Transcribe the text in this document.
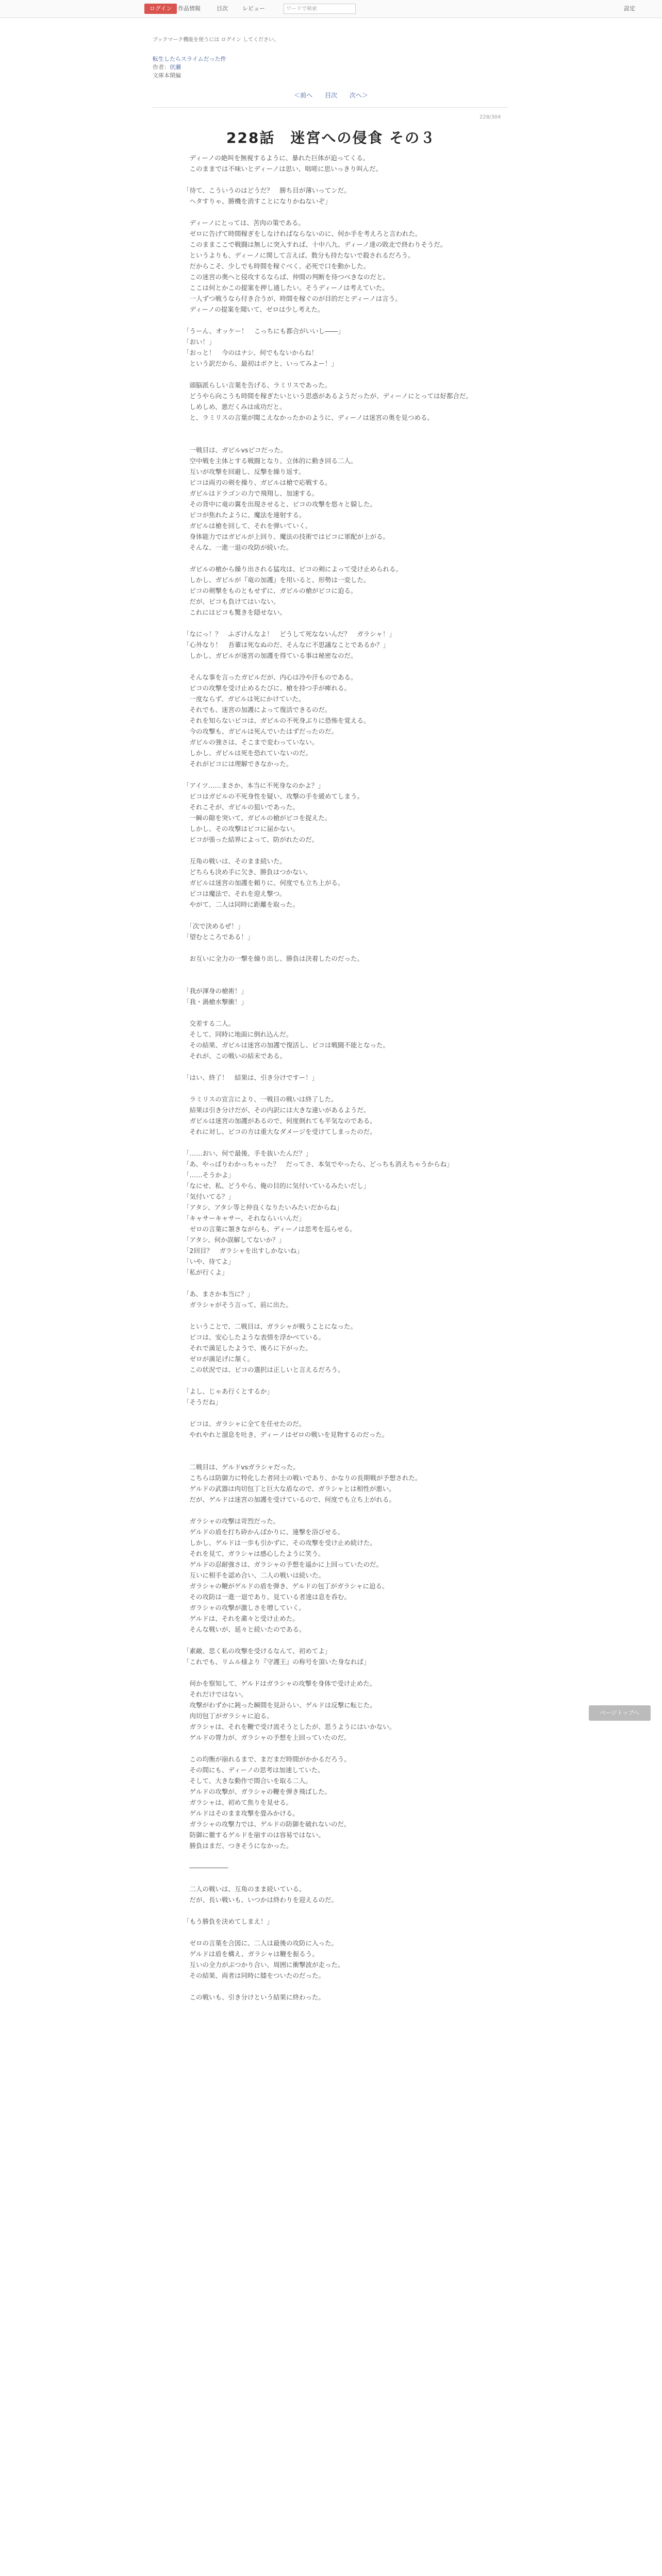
ログイン	作品情報	目次	レビュー	ワードで検索	設定
ブックマーク機能を使うには ログイン してください。
転生したらスライムだった件
作者：伏瀬
文庫本閑編
＜前へ 目次 次へ＞
228/304
228話　迷宮への侵食 その３

　ディーノの絶叫を無視するように、暴れた巨体が迫ってくる。

　このままでは不味いとディーノは思い、咄嗟に思いっきり叫んだ。

「待て、こういうのはどうだ？　勝ち目が薄いってンだ。

　ヘタすりゃ、勝機を消すことになりかねないぞ」

　ディーノにとっては、苦肉の策である。

　ゼロに告げて時間稼ぎをしなければならないのに、何か手を考えろと言われた。

　このままここで戦闘は無しに突入すれば、十中八九、ディーノ達の敗北で終わりそうだ。

　というよりも、ディーノに関して言えば、数分も持たないで殺されるだろう。

　だからこそ、少しでも時間を稼ぐべく、必死で口を動かした。

　この迷宮の奥へと侵攻するならば、仲間の判断を待つべきなのだと。

　ここは何とかこの提案を押し通したい。そうディーノは考えていた。

　一人ずつ戦うなら付き合うが、時間を稼ぐのが目的だとディーノは言う。

　ディーノの提案を聞いて、ゼロは少し考えた。

「うーん、オッケー！　こっちにも都合がいいし――」

「おい！」

「おっと！　今のはナシ、何でもないからね！

　という訳だから、最初はボクと、いってみよー！」

　頭脳派らしい言葉を告げる、ラミリスであった。

　どうやら向こうも時間を稼ぎたいという思惑があるようだったが、ディーノにとっては好都合だ。

　しめしめ、悪だくみは成功だと。

　と、ラミリスの言葉が聞こえなかったかのように、ディーノは迷宮の奥を見つめる。

　一戦目は、ガビルvsピコだった。

　空中戦を主体とする戦闘となり、立体的に動き回る二人。

　互いが攻撃を回避し、反撃を繰り返す。

　ピコは両刃の剣を操り、ガビルは槍で応戦する。

　ガビルはドラゴンの力で飛翔し、加速する。

　その背中に竜の翼を出現させると、ピコの攻撃を悠々と躱した。

　ピコが焦れたように、魔法を連射する。

　ガビルは槍を回して、それを弾いていく。

　身体能力ではガビルが上回り、魔法の技術ではピコに軍配が上がる。

　そんな、一進一退の攻防が続いた。

　ガビルの槍から繰り出される猛攻は、ピコの剣によって受け止められる。

　しかし、ガビルが『竜の加護』を用いると、形勢は一変した。

　ピコの剣撃をものともせずに、ガビルの槍がピコに迫る。

　だが、ピコも負けてはいない。

　これにはピコも驚きを隠せない。

「なにっ！？　ふざけんなよ！　どうして死なないんだ？　ガラシャ！」

「心外なり！　吾輩は死なぬのだ、そんなに不思議なことであるか？」

　しかし、ガビルが迷宮の加護を得ている事は秘密なのだ。

　そんな事を言ったガビルだが、内心は冷や汗ものである。

　ピコの攻撃を受け止めるたびに、槍を持つ手が痺れる。

　一度ならず、ガビルは死にかけていた。

　それでも、迷宮の加護によって復活できるのだ。

　それを知らないピコは、ガビルの不死身ぶりに恐怖を覚える。

　今の攻撃も、ガビルは死んでいたはずだったのだ。

　ガビルの強さは、そこまで変わっていない。

　しかし、ガビルは死を恐れていないのだ。

　それがピコには理解できなかった。

「アイツ……まさか、本当に不死身なのかよ？」

　ピコはガビルの不死身性を疑い、攻撃の手を緩めてしまう。

　それこそが、ガビルの狙いであった。

　一瞬の隙を突いて、ガビルの槍がピコを捉えた。

　しかし、その攻撃はピコに届かない。

　ピコが張った結界によって、防がれたのだ。

　互角の戦いは、そのまま続いた。

　どちらも決め手に欠き、勝負はつかない。

　ガビルは迷宮の加護を頼りに、何度でも立ち上がる。

　ピコは魔法で、それを迎え撃つ。

　やがて、二人は同時に距離を取った。

　「次で決めるぜ！」

「望むところである！」

　お互いに全力の一撃を繰り出し、勝負は決着したのだった。

「我が渾身の槍術！」

「我・渦槍水撃衝！」

　交差する二人。

　そして、同時に地面に倒れ込んだ。

　その結果、ガビルは迷宮の加護で復活し、ピコは戦闘不能となった。

　それが、この戦いの結末である。

「はい、終了！　結果は、引き分けですー！」

　ラミリスの宣言により、一戦目の戦いは終了した。

　結果は引き分けだが、その内訳には大きな違いがあるようだ。

　ガビルは迷宮の加護があるので、何度倒れても平気なのである。

　それに対し、ピコの方は重大なダメージを受けてしまったのだ。

「……おい、何で最後、手を抜いたんだ？」

「あ、やっぱりわかっちゃった？　だってさ、本気でやったら、どっちも消えちゃうからね」

「……そうかよ」

「なにせ、私、どうやら、俺の目的に気付いているみたいだし」

「気付いてる？」

「アタシ、アタシ等と仲良くなりたいみたいだからね」

「キャサーキャサー、それならいいんだ」

　ゼロの言葉に頷きながらも、ディーノは思考を巡らせる。

「アタシ、何か誤解してないか？」

「2回目？　ガラシャを出すしかないね」

「いや、待てよ」

「私が行くよ」

「あ、まさか本当に？」

　ガラシャがそう言って、前に出た。

　ということで、二戦目は、ガラシャが戦うことになった。

　ピコは、安心したような表情を浮かべている。

　それで満足したようで、後ろに下がった。

　ゼロが満足げに頷く。

　この状況では、ピコの選択は正しいと言えるだろう。

「よし、じゃあ行くとするか」

「そうだね」

　ピコは、ガラシャに全てを任せたのだ。

　やれやれと溜息を吐き、ディーノはゼロの戦いを見物するのだった。

　二戦目は、ゲルドvsガラシャだった。

　こちらは防御力に特化した者同士の戦いであり、かなりの長期戦が予想された。

　ゲルドの武器は肉切包丁と巨大な盾なので、ガラシャとは相性が悪い。

　だが、ゲルドは迷宮の加護を受けているので、何度でも立ち上がれる。

　ガラシャの攻撃は苛烈だった。

　ゲルドの盾を打ち砕かんばかりに、連撃を浴びせる。

　しかし、ゲルドは一歩も引かずに、その攻撃を受け止め続けた。

　それを見て、ガラシャは感心したように笑う。

　ゲルドの忍耐強さは、ガラシャの予想を遥かに上回っていたのだ。

　互いに相手を認め合い、二人の戦いは続いた。

　ガラシャの鞭がゲルドの盾を弾き、ゲルドの包丁がガラシャに迫る。

　その攻防は一進一退であり、見ている者達は息を呑む。

　ガラシャの攻撃が激しさを増していく。

　ゲルドは、それを粛々と受け止めた。

　そんな戦いが、延々と続いたのである。

「素敵、思く私の攻撃を受けるなんて、初めてよ」

「これでも、リムル様より『守護王』の称号を頂いた身なれば」

　何かを察知して、ゲルドはガラシャの攻撃を身体で受け止めた。

　それだけではない。

　攻撃がわずかに鈍った瞬間を見計らい、ゲルドは反撃に転じた。

　肉切包丁がガラシャに迫る。

　ガラシャは、それを鞭で受け流そうとしたが、思うようにはいかない。

　ゲルドの膂力が、ガラシャの予想を上回っていたのだ。

　この均衡が崩れるまで、まだまだ時間がかかるだろう。

　その間にも、ディーノの思考は加速していた。

　そして、大きな動作で間合いを取る二人。

　ゲルドの攻撃が、ガラシャの鞭を弾き飛ばした。

　ガラシャは、初めて焦りを見せる。

　ゲルドはそのまま攻撃を畳みかける。

　ガラシャの攻撃力では、ゲルドの防御を破れないのだ。

　防御に徹するゲルドを崩すのは容易ではない。

　勝負はまだ、つきそうになかった。

　――――――

　二人の戦いは、互角のまま続いている。

　だが、長い戦いも、いつかは終わりを迎えるのだ。

「もう勝負を決めてしまえ！」

　ゼロの言葉を合図に、二人は最後の攻防に入った。

　ゲルドは盾を構え、ガラシャは鞭を振るう。

　互いの全力がぶつかり合い、周囲に衝撃波が走った。

　その結果、両者は同時に膝をついたのだった。

　この戦いも、引き分けという結果に終わった。

ページトップへ
